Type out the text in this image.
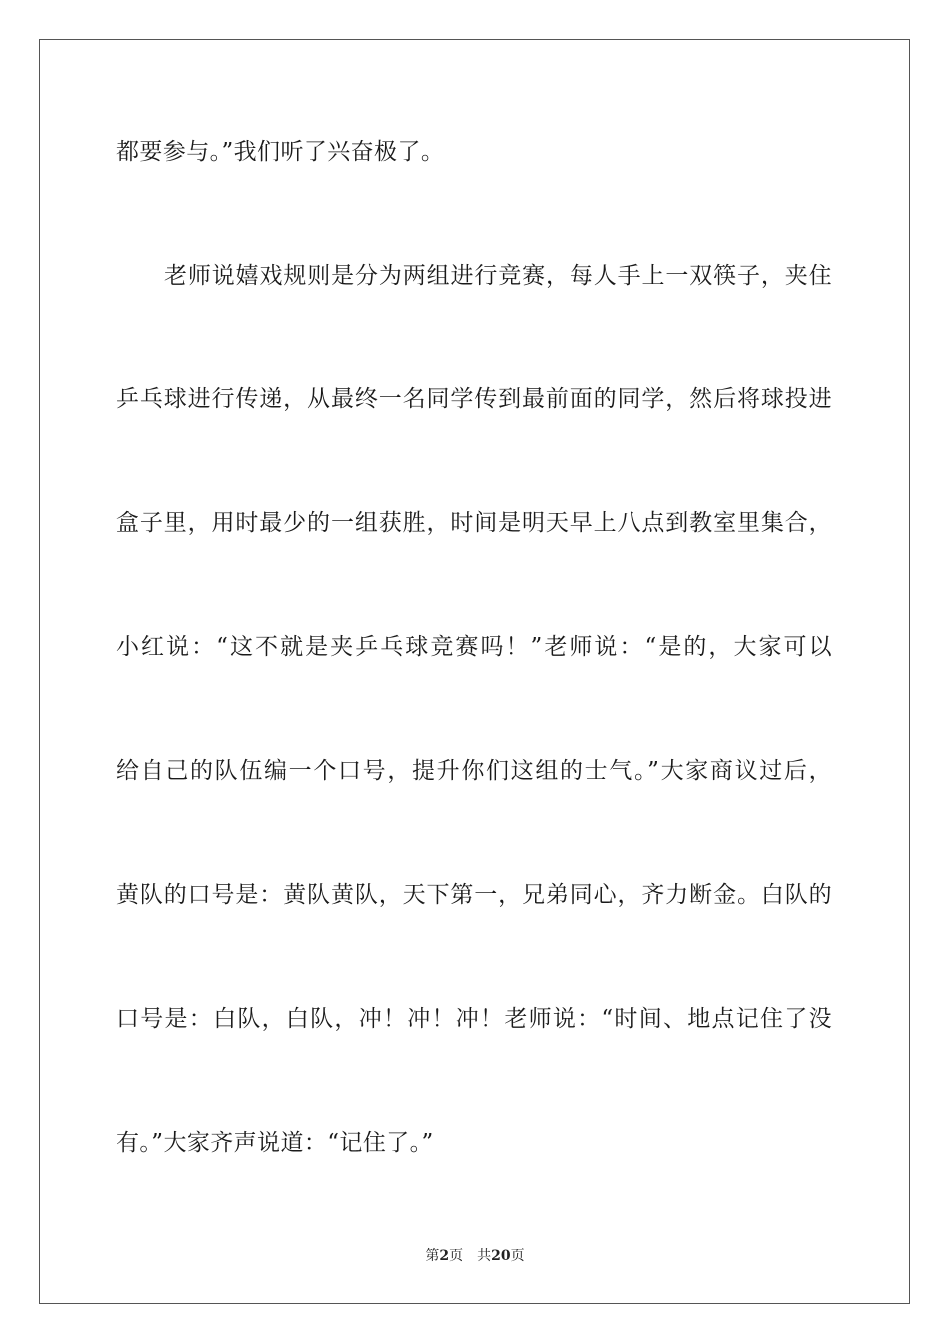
都要参与。”我们听了兴奋极了。

老师说嬉戏规则是分为两组进行竞赛，每人手上一双筷子，夹住

乒乓球进行传递，从最终一名同学传到最前面的同学，然后将球投进

盒子里，用时最少的一组获胜，时间是明天早上八点到教室里集合，

小红说：“这不就是夹乒乓球竞赛吗！”老师说：“是的，大家可以

给自己的队伍编一个口号，提升你们这组的士气。”大家商议过后，

黄队的口号是：黄队黄队，天下第一，兄弟同心，齐力断金。白队的

口号是：白队，白队，冲！冲！冲！老师说：“时间、地点记住了没

有。”大家齐声说道：“记住了。”

第2页　共20页
